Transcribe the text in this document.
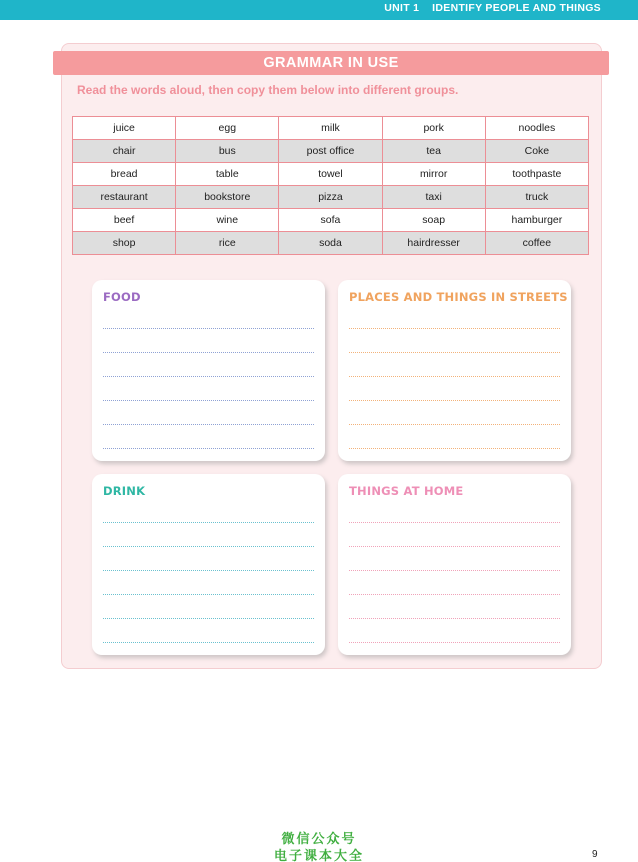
UNIT 1    IDENTIFY PEOPLE AND THINGS
GRAMMAR IN USE
Read the words aloud, then copy them below into different groups.
juice	egg	milk	pork	noodles
chair	bus	post office	tea	Coke
bread	table	towel	mirror	toothpaste
restaurant	bookstore	pizza	taxi	truck
beef	wine	sofa	soap	hamburger
shop	rice	soda	hairdresser	coffee
FOOD	PLACES AND THINGS IN STREETS
DRINK	THINGS AT HOME
微信公众号
电子课本大全	9
